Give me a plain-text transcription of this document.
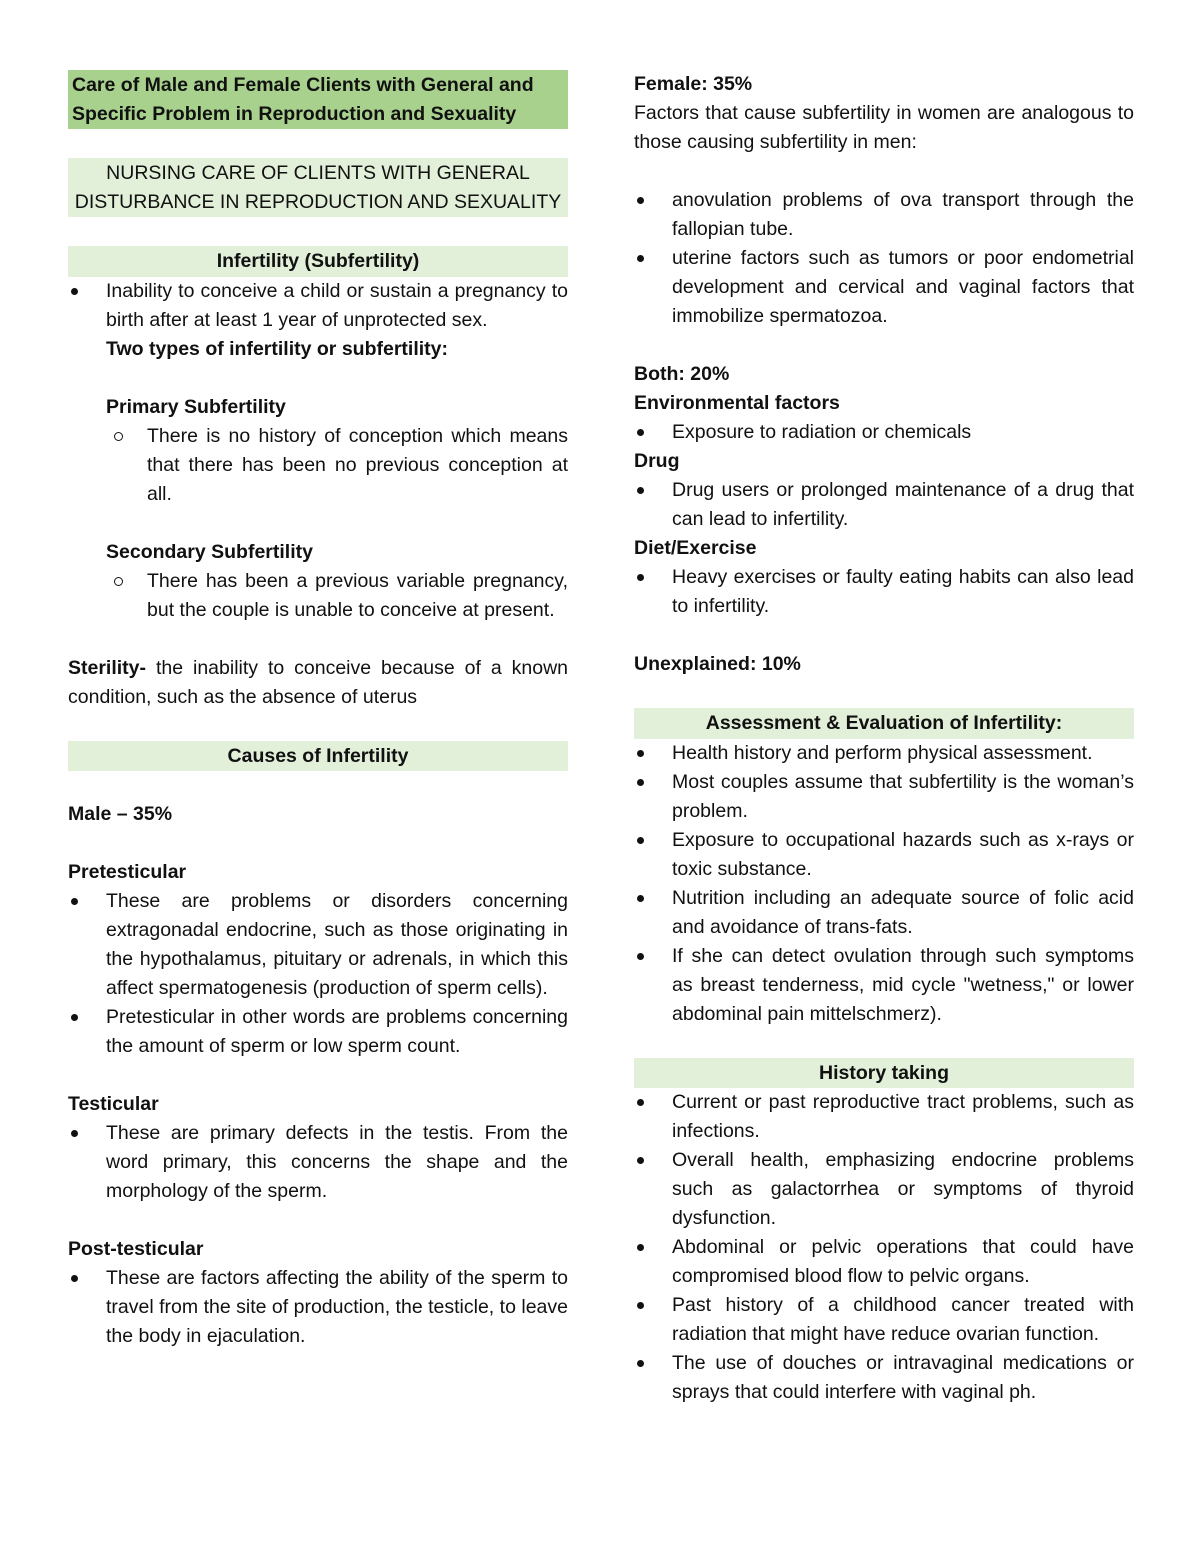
Care of Male and Female Clients with General and Specific Problem in Reproduction and Sexuality
NURSING CARE OF CLIENTS WITH GENERAL DISTURBANCE IN REPRODUCTION AND SEXUALITY
Infertility (Subfertility)
Inability to conceive a child or sustain a pregnancy to birth after at least 1 year of unprotected sex.
Two types of infertility or subfertility:
Primary Subfertility
There is no history of conception which means that there has been no previous conception at all.
Secondary Subfertility
There has been a previous variable pregnancy, but the couple is unable to conceive at present.
Sterility- the inability to conceive because of a known condition, such as the absence of uterus
Causes of Infertility
Male – 35%
Pretesticular
These are problems or disorders concerning extragonadal endocrine, such as those originating in the hypothalamus, pituitary or adrenals, in which this affect spermatogenesis (production of sperm cells).
Pretesticular in other words are problems concerning the amount of sperm or low sperm count.
Testicular
These are primary defects in the testis. From the word primary, this concerns the shape and the morphology of the sperm.
Post-testicular
These are factors affecting the ability of the sperm to travel from the site of production, the testicle, to leave the body in ejaculation.
Female: 35%
Factors that cause subfertility in women are analogous to those causing subfertility in men:
anovulation problems of ova transport through the fallopian tube.
uterine factors such as tumors or poor endometrial development and cervical and vaginal factors that immobilize spermatozoa.
Both: 20%
Environmental factors
Exposure to radiation or chemicals
Drug
Drug users or prolonged maintenance of a drug that can lead to infertility.
Diet/Exercise
Heavy exercises or faulty eating habits can also lead to infertility.
Unexplained: 10%
Assessment & Evaluation of Infertility:
Health history and perform physical assessment.
Most couples assume that subfertility is the woman’s problem.
Exposure to occupational hazards such as x-rays or toxic substance.
Nutrition including an adequate source of folic acid and avoidance of trans-fats.
If she can detect ovulation through such symptoms as breast tenderness, mid cycle "wetness," or lower abdominal pain mittelschmerz).
History taking
Current or past reproductive tract problems, such as infections.
Overall health, emphasizing endocrine problems such as galactorrhea or symptoms of thyroid dysfunction.
Abdominal or pelvic operations that could have compromised blood flow to pelvic organs.
Past history of a childhood cancer treated with radiation that might have reduce ovarian function.
The use of douches or intravaginal medications or sprays that could interfere with vaginal ph.
